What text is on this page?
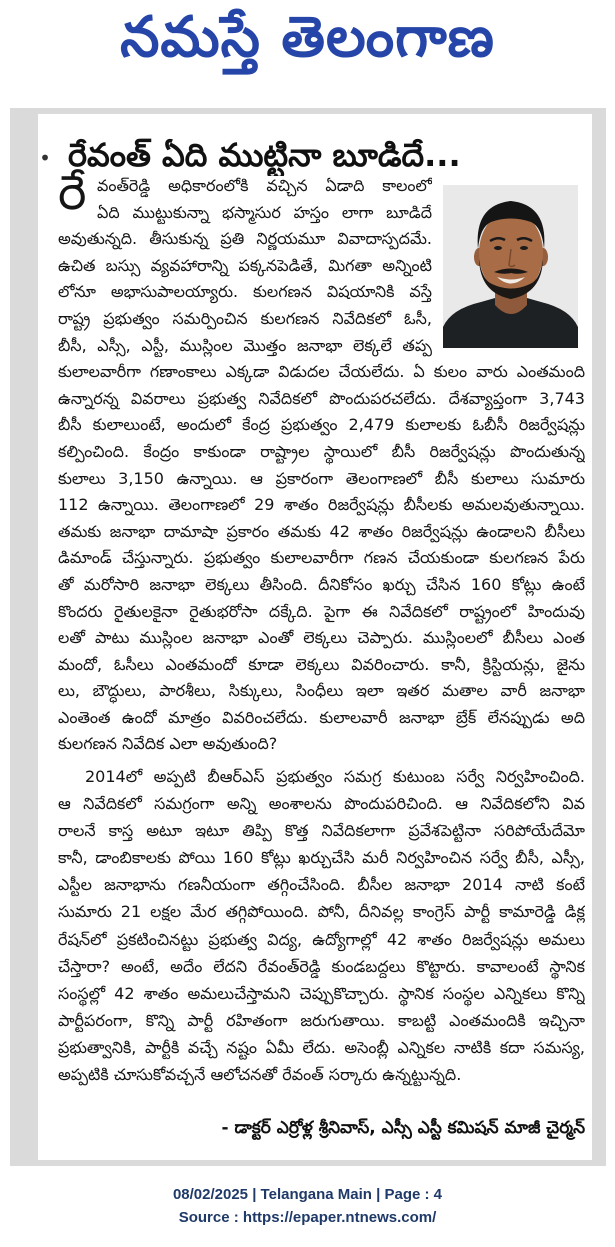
నమస్తే తెలంగాణ
• రేవంత్ ఏది ముట్టినా బూడిదే...
రే వంత్‌రెడ్డి అధికారంలోకి వచ్చిన ఏడాది కాలంలో
ఏది ముట్టుకున్నా భస్మాసుర హస్తం లాగా బూడిదే
అవుతున్నది. తీసుకున్న ప్రతి నిర్ణయమూ వివాదాస్పదమే.
ఉచిత బస్సు వ్యవహారాన్ని పక్కనపెడితే, మిగతా అన్నింటి
లోనూ అభాసుపాలయ్యారు. కులగణన విషయానికి వస్తే
రాష్ట్ర ప్రభుత్వం సమర్పించిన కులగణన నివేదికలో ఓసీ,
బీసీ, ఎస్సీ, ఎస్టీ, ముస్లింల మొత్తం జనాభా లెక్కలే తప్ప
కులాలవారీగా గణాంకాలు ఎక్కడా విడుదల చేయలేదు. ఏ కులం వారు ఎంతమంది
ఉన్నారన్న వివరాలు ప్రభుత్వ నివేదికలో పొందుపరచలేదు. దేశవ్యాప్తంగా 3,743
బీసీ కులాలుంటే, అందులో కేంద్ర ప్రభుత్వం 2,479 కులాలకు ఓబీసీ రిజర్వేషన్లు
కల్పించింది. కేంద్రం కాకుండా రాష్ట్రాల స్థాయిలో బీసీ రిజర్వేషన్లు పొందుతున్న
కులాలు 3,150 ఉన్నాయి. ఆ ప్రకారంగా తెలంగాణలో బీసీ కులాలు సుమారు
112 ఉన్నాయి. తెలంగాణలో 29 శాతం రిజర్వేషన్లు బీసీలకు అమలవుతున్నాయి.
తమకు జనాభా దామాషా ప్రకారం తమకు 42 శాతం రిజర్వేషన్లు ఉండాలని బీసీలు
డిమాండ్ చేస్తున్నారు. ప్రభుత్వం కులాలవారీగా గణన చేయకుండా కులగణన పేరు
తో మరోసారి జనాభా లెక్కలు తీసింది. దీనికోసం ఖర్చు చేసిన 160 కోట్లు ఉంటే
కొందరు రైతులకైనా రైతుభరోసా దక్కేది. పైగా ఈ నివేదికలో రాష్ట్రంలో హిందువు
లతో పాటు ముస్లింల జనాభా ఎంతో లెక్కలు చెప్పారు. ముస్లింలలో బీసీలు ఎంత
మందో, ఓసీలు ఎంతమందో కూడా లెక్కలు వివరించారు. కానీ, క్రిస్టియన్లు, జైను
లు, బౌద్ధులు, పారశీలు, సిక్కులు, సింధీలు ఇలా ఇతర మతాల వారీ జనాభా
ఎంతెంత ఉందో మాత్రం వివరించలేదు. కులాలవారీ జనాభా బ్రేక్ లేనప్పుడు అది
కులగణన నివేదిక ఎలా అవుతుంది?
2014లో అప్పటి బీఆర్ఎస్ ప్రభుత్వం సమగ్ర కుటుంబ సర్వే నిర్వహించింది.
ఆ నివేదికలో సమగ్రంగా అన్ని అంశాలను పొందుపరిచింది. ఆ నివేదికలోని వివ
రాలనే కాస్త అటూ ఇటూ తిప్పి కొత్త నివేదికలాగా ప్రవేశపెట్టినా సరిపోయేదేమో
కానీ, డాంబికాలకు పోయి 160 కోట్లు ఖర్చుచేసి మరీ నిర్వహించిన సర్వే బీసీ, ఎస్సీ,
ఎస్టీల జనాభాను గణనీయంగా తగ్గించేసింది. బీసీల జనాభా 2014 నాటి కంటే
సుమారు 21 లక్షల మేర తగ్గిపోయింది. పోనీ, దీనివల్ల కాంగ్రెస్ పార్టీ కామారెడ్డి డిక్ల
రేషన్‌లో ప్రకటించినట్టు ప్రభుత్వ విద్య, ఉద్యోగాల్లో 42 శాతం రిజర్వేషన్లు అమలు
చేస్తారా? అంటే, అదేం లేదని రేవంత్‌రెడ్డి కుండబద్దలు కొట్టారు. కావాలంటే స్థానిక
సంస్థల్లో 42 శాతం అమలుచేస్తామని చెప్పుకొచ్చారు. స్థానిక సంస్థల ఎన్నికలు కొన్ని
పార్టీపరంగా, కొన్ని పార్టీ రహితంగా జరుగుతాయి. కాబట్టి ఎంతమందికి ఇచ్చినా
ప్రభుత్వానికి, పార్టీకి వచ్చే నష్టం ఏమీ లేదు. అసెంబ్లీ ఎన్నికల నాటికి కదా సమస్య,
అప్పటికి చూసుకోవచ్చనే ఆలోచనతో రేవంత్ సర్కారు ఉన్నట్టున్నది.
- డాక్టర్ ఎర్రోళ్ల శ్రీనివాస్, ఎస్సీ ఎస్టీ కమిషన్ మాజీ చైర్మన్
08/02/2025 | Telangana Main | Page : 4
Source : https://epaper.ntnews.com/
